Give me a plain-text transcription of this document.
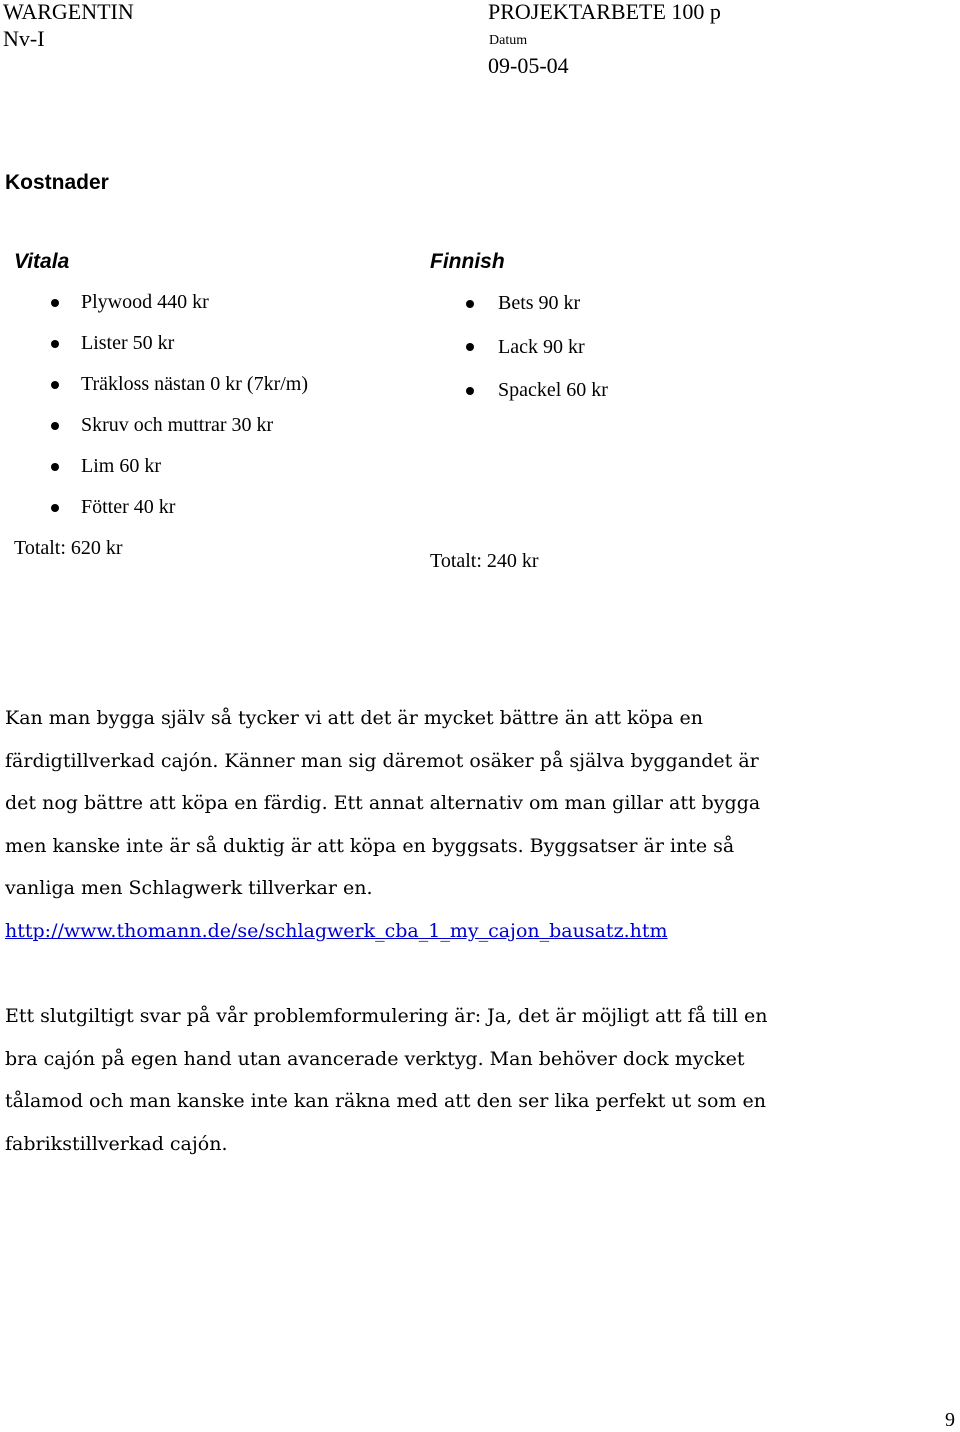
WARGENTIN
Nv-I
PROJEKTARBETE 100 p
Datum
09-05-04
Kostnader
Vitala
Plywood 440 kr
Lister 50 kr
Träkloss nästan 0 kr (7kr/m)
Skruv och muttrar 30 kr
Lim 60 kr
Fötter 40 kr
Totalt: 620 kr
Finnish
Bets 90 kr
Lack 90 kr
Spackel 60 kr
Totalt: 240 kr
Kan man bygga själv så tycker vi att det är mycket bättre än att köpa en färdigtillverkad cajón. Känner man sig däremot osäker på själva byggandet är det nog bättre att köpa en färdig. Ett annat alternativ om man gillar att bygga men kanske inte är så duktig är att köpa en byggsats. Byggsatser är inte så vanliga men Schlagwerk tillverkar en.
http://www.thomann.de/se/schlagwerk_cba_1_my_cajon_bausatz.htm
Ett slutgiltigt svar på vår problemformulering är: Ja, det är möjligt att få till en bra cajón på egen hand utan avancerade verktyg. Man behöver dock mycket tålamod och man kanske inte kan räkna med att den ser lika perfekt ut som en fabrikstillverkad cajón.
9
